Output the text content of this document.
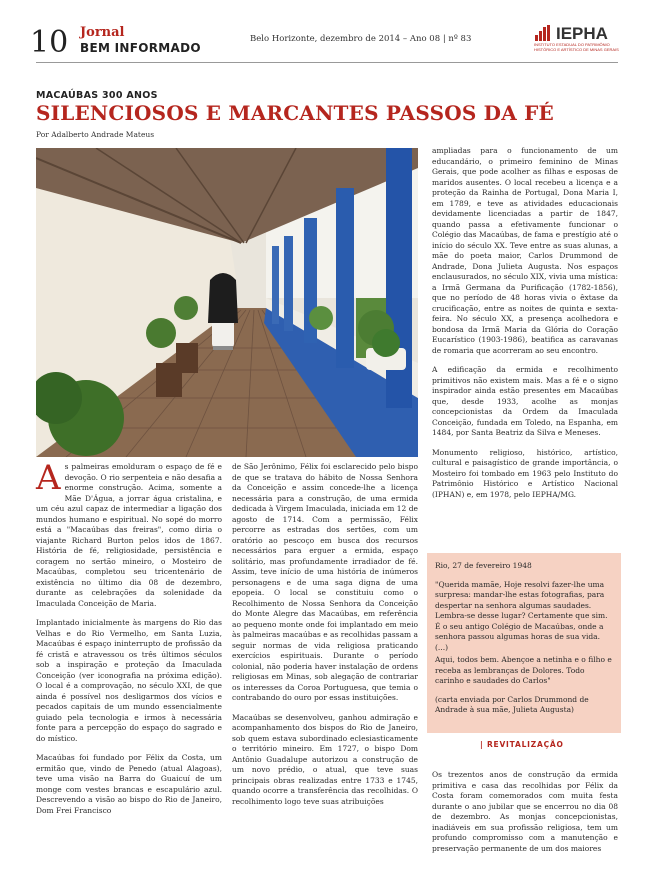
10 Jornal
BEM INFORMADO
Belo Horizonte, dezembro de 2014 – Ano 08 | nº 83	IEPHA
INSTITUTO ESTADUAL DO PATRIMÔNIO HISTÓRICO E ARTÍSTICO DE MINAS GERAIS
MACAÚBAS 300 ANOS
SILENCIOSOS E MARCANTES PASSOS DA FÉ
Por Adalberto Andrade Mateus

As palmeiras emolduram o espaço de fé e devoção. O rio serpenteia e não desafia a enorme construção. Acima, somente a Mãe D'Água, a jorrar água cristalina, e um céu azul capaz de intermediar a ligação dos mundos humano e espiritual. No sopé do morro está a "Macaúbas das freiras", como diria o viajante Richard Burton pelos idos de 1867. História de fé, religiosidade, persistência e coragem no sertão mineiro, o Mosteiro de Macaúbas, completou seu tricentenário de existência no último dia 08 de dezembro, durante as celebrações da solenidade da Imaculada Conceição de Maria.

Implantado inicialmente às margens do Rio das Velhas e do Rio Vermelho, em Santa Luzia, Macaúbas é espaço ininterrupto de profissão da fé cristã e atravessou os três últimos séculos sob a inspiração e proteção da Imaculada Conceição (ver iconografia na próxima edição). O local é a comprovação, no século XXI, de que ainda é possível nos desligarmos dos vícios e pecados capitais de um mundo essencialmente guiado pela tecnologia e irmos à necessária fonte para a percepção do espaço do sagrado e do místico.

Macaúbas foi fundado por Félix da Costa, um ermitão que, vindo de Penedo (atual Alagoas), teve uma visão na Barra do Guaicuí de um monge com vestes brancas e escapulário azul. Descrevendo a visão ao bispo do Rio de Janeiro, Dom Frei Francisco

de São Jerônimo, Félix foi esclarecido pelo bispo de que se tratava do hábito de Nossa Senhora da Conceição e assim concede-lhe a licença necessária para a construção, de uma ermida dedicada à Virgem Imaculada, iniciada em 12 de agosto de 1714. Com a permissão, Félix percorre as estradas dos sertões, com um oratório ao pescoço em busca dos recursos necessários para erguer a ermida, espaço solitário, mas profundamente irradiador de fé. Assim, teve início de uma história de inúmeros personagens e de uma saga digna de uma epopeia. O local se constituiu como o Recolhimento de Nossa Senhora da Conceição do Monte Alegre das Macaúbas, em referência ao pequeno monte onde foi implantado em meio às palmeiras macaúbas e as recolhidas passam a seguir normas de vida religiosa praticando exercícios espirituais. Durante o período colonial, não poderia haver instalação de ordens religiosas em Minas, sob alegação de contrariar os interesses da Coroa Portuguesa, que temia o contrabando do ouro por essas instituições.

Macaúbas se desenvolveu, ganhou admiração e acompanhamento dos bispos do Rio de Janeiro, sob quem estava subordinado eclesiasticamente o território mineiro. Em 1727, o bispo Dom Antônio Guadalupe autorizou a construção de um novo prédio, o atual, que teve suas principais obras realizadas entre 1733 e 1745, quando ocorre a transferência das recolhidas. O recolhimento logo teve suas atribuições

ampliadas para o funcionamento de um educandário, o primeiro feminino de Minas Gerais, que pode acolher as filhas e esposas de maridos ausentes. O local recebeu a licença e a proteção da Rainha de Portugal, Dona Maria I, em 1789, e teve as atividades educacionais devidamente licenciadas a partir de 1847, quando passa a efetivamente funcionar o Colégio das Macaúbas, de fama e prestígio até o início do século XX. Teve entre as suas alunas, a mãe do poeta maior, Carlos Drummond de Andrade, Dona Julieta Augusta. Nos espaços enclausurados, no século XIX, vivia uma mística: a Irmã Germana da Purificação (1782-1856), que no período de 48 horas vivia o êxtase da crucificação, entre as noites de quinta e sexta-feira. No século XX, a presença acolhedora e bondosa da Irmã Maria da Glória do Coração Eucarístico (1903-1986), beatifica as caravanas de romaria que acorreram ao seu encontro.

A edificação da ermida e recolhimento primitivos não existem mais. Mas a fé e o signo inspirador ainda estão presentes em Macaúbas que, desde 1933, acolhe as monjas concepcionistas da Ordem da Imaculada Conceição, fundada em Toledo, na Espanha, em 1484, por Santa Beatriz da Silva e Meneses.

Monumento religioso, histórico, artístico, cultural e paisagístico de grande importância, o Mosteiro foi tombado em 1963 pelo Instituto do Patrimônio Histórico e Artístico Nacional (IPHAN) e, em 1978, pelo IEPHA/MG.

Rio, 27 de fevereiro 1948

"Querida mamãe, Hoje resolvi fazer-lhe uma surpresa: mandar-lhe estas fotografias, para despertar na senhora algumas saudades. Lembra-se desse lugar? Certamente que sim. É o seu antigo Colégio de Macaúbas, onde a senhora passou algumas horas de sua vida. (...)

Aqui, todos bem. Abençoe a netinha e o filho e receba as lembranças de Dolores. Todo carinho e saudades do Carlos"

(carta enviada por Carlos Drummond de Andrade à sua mãe, Julieta Augusta)

| REVITALIZAÇÃO

Os trezentos anos de construção da ermida primitiva e casa das recolhidas por Félix da Costa foram comemorados com muita festa durante o ano jubilar que se encerrou no dia 08 de dezembro. As monjas concepcionistas, inadiáveis em sua profissão religiosa, tem um profundo compromisso com a manutenção e preservação permanente de um dos maiores
